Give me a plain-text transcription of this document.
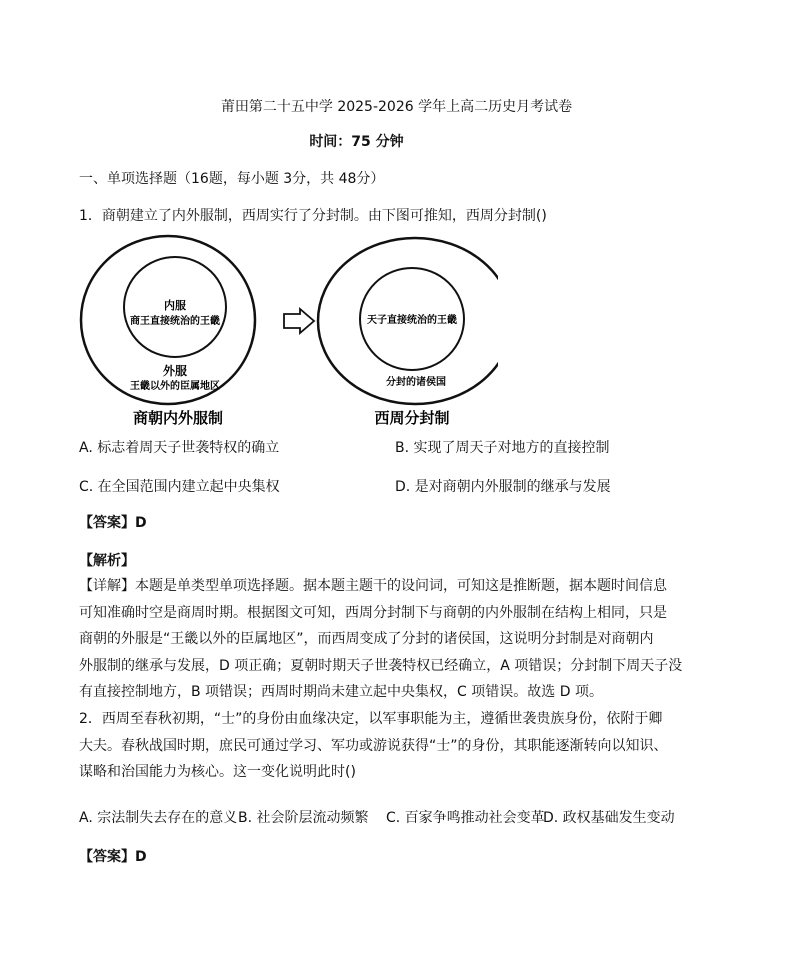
莆田第二十五中学 2025-2026 学年上高二历史月考试卷
时间：75 分钟
一、单项选择题（16题，每小题 3分，共 48分）
1．商朝建立了内外服制，西周实行了分封制。由下图可推知，西周分封制()
内服
商王直接统治的王畿
外服
王畿以外的臣属地区
商朝内外服制
天子直接统治的王畿
分封的诸侯国
西周分封制
A. 标志着周天子世袭特权的确立	B. 实现了周天子对地方的直接控制
C. 在全国范围内建立起中央集权	D. 是对商朝内外服制的继承与发展
【答案】D
【解析】
【详解】本题是单类型单项选择题。据本题主题干的设问词，可知这是推断题，据本题时间信息
可知准确时空是商周时期。根据图文可知，西周分封制下与商朝的内外服制在结构上相同，只是
商朝的外服是“王畿以外的臣属地区”，而西周变成了分封的诸侯国，这说明分封制是对商朝内
外服制的继承与发展，D 项正确；夏朝时期天子世袭特权已经确立，A 项错误；分封制下周天子没
有直接控制地方，B 项错误；西周时期尚未建立起中央集权，C 项错误。故选 D 项。
2．西周至春秋初期，“士”的身份由血缘决定，以军事职能为主，遵循世袭贵族身份，依附于卿
大夫。春秋战国时期，庶民可通过学习、军功或游说获得“士”的身份，其职能逐渐转向以知识、
谋略和治国能力为核心。这一变化说明此时()
A. 宗法制失去存在的意义 B. 社会阶层流动频繁 C. 百家争鸣推动社会变革
D. 政权基础发生变动
【答案】D
